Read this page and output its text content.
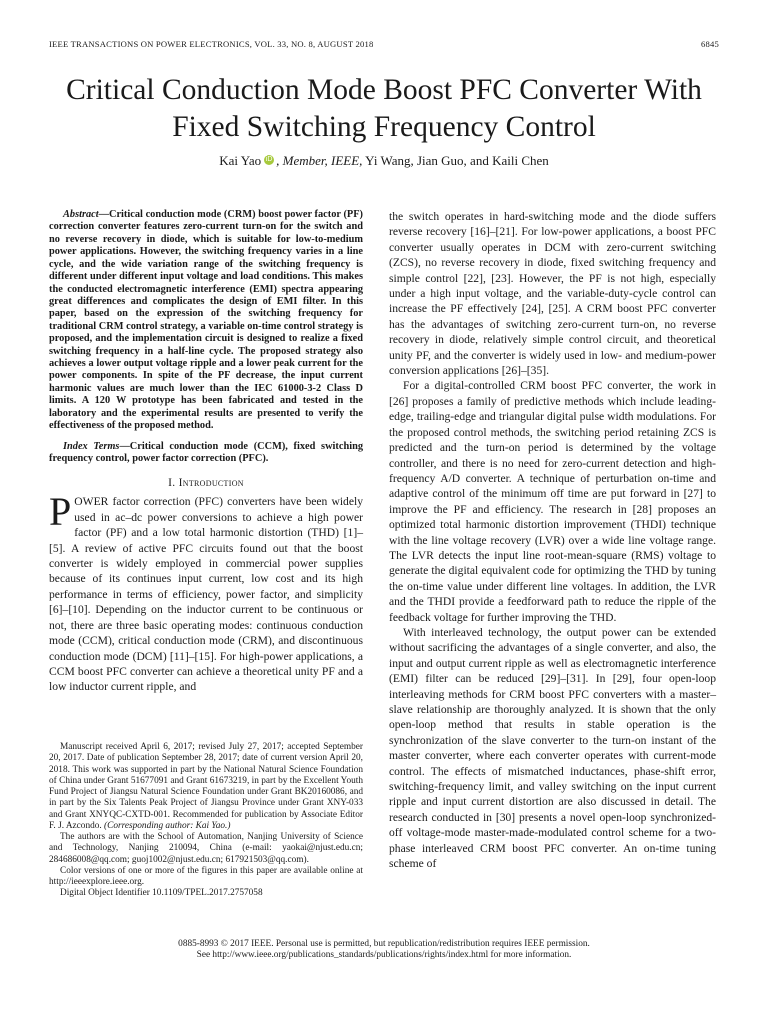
IEEE TRANSACTIONS ON POWER ELECTRONICS, VOL. 33, NO. 8, AUGUST 2018	6845
Critical Conduction Mode Boost PFC Converter With
Fixed Switching Frequency Control
Kai Yao iD , Member, IEEE, Yi Wang, Jian Guo, and Kaili Chen

Abstract—Critical conduction mode (CRM) boost power factor (PF) correction converter features zero-current turn-on for the switch and no reverse recovery in diode, which is suitable for low-to-medium power applications. However, the switching frequency varies in a line cycle, and the wide variation range of the switching frequency is different under different input voltage and load conditions. This makes the conducted electromagnetic interference (EMI) spectra appearing great differences and complicates the design of EMI filter. In this paper, based on the expression of the switching frequency for traditional CRM control strategy, a variable on-time control strategy is proposed, and the implementation circuit is designed to realize a fixed switching frequency in a half-line cycle. The proposed strategy also achieves a lower output voltage ripple and a lower peak current for the power components. In spite of the PF decrease, the input current harmonic values are much lower than the IEC 61000-3-2 Class D limits. A 120 W prototype has been fabricated and tested in the laboratory and the experimental results are presented to verify the effectiveness of the proposed method.

Index Terms—Critical conduction mode (CCM), fixed switching frequency control, power factor correction (PFC).

I. Introduction

POWER factor correction (PFC) converters have been widely used in ac–dc power conversions to achieve a high power factor (PF) and a low total harmonic distortion (THD) [1]–[5]. A review of active PFC circuits found out that the boost converter is widely employed in commercial power supplies because of its continues input current, low cost and its high performance in terms of efficiency, power factor, and simplicity [6]–[10]. Depending on the inductor current to be continuous or not, there are three basic operating modes: continuous conduction mode (CCM), critical conduction mode (CRM), and discontinuous conduction mode (DCM) [11]–[15]. For high-power applications, a CCM boost PFC converter can achieve a theoretical unity PF and a low inductor current ripple, and

Manuscript received April 6, 2017; revised July 27, 2017; accepted September 20, 2017. Date of publication September 28, 2017; date of current version April 20, 2018. This work was supported in part by the National Natural Science Foundation of China under Grant 51677091 and Grant 61673219, in part by the Excellent Youth Fund Project of Jiangsu Natural Science Foundation under Grant BK20160086, and in part by the Six Talents Peak Project of Jiangsu Province under Grant XNY-033 and Grant XNYQC-CXTD-001. Recommended for publication by Associate Editor F. J. Azcondo. (Corresponding author: Kai Yao.)

The authors are with the School of Automation, Nanjing University of Science and Technology, Nanjing 210094, China (e-mail: yaokai@njust.edu.cn; 284686008@qq.com; guoj1002@njust.edu.cn; 617921503@qq.com).

Color versions of one or more of the figures in this paper are available online at http://ieeexplore.ieee.org.

Digital Object Identifier 10.1109/TPEL.2017.2757058

the switch operates in hard-switching mode and the diode suffers reverse recovery [16]–[21]. For low-power applications, a boost PFC converter usually operates in DCM with zero-current switching (ZCS), no reverse recovery in diode, fixed switching frequency and simple control [22], [23]. However, the PF is not high, especially under a high input voltage, and the variable-duty-cycle control can increase the PF effectively [24], [25]. A CRM boost PFC converter has the advantages of switching zero-current turn-on, no reverse recovery in diode, relatively simple control circuit, and theoretical unity PF, and the converter is widely used in low- and medium-power conversion applications [26]–[35].

For a digital-controlled CRM boost PFC converter, the work in [26] proposes a family of predictive methods which include leading-edge, trailing-edge and triangular digital pulse width modulations. For the proposed control methods, the switching period retaining ZCS is predicted and the turn-on period is determined by the voltage controller, and there is no need for zero-current detection and high-frequency A/D converter. A technique of perturbation on-time and adaptive control of the minimum off time are put forward in [27] to improve the PF and efficiency. The research in [28] proposes an optimized total harmonic distortion improvement (THDI) technique with the line voltage recovery (LVR) over a wide line voltage range. The LVR detects the input line root-mean-square (RMS) voltage to generate the digital equivalent code for optimizing the THD by tuning the on-time value under different line voltages. In addition, the LVR and the THDI provide a feedforward path to reduce the ripple of the feedback voltage for further improving the THD.

With interleaved technology, the output power can be extended without sacrificing the advantages of a single converter, and also, the input and output current ripple as well as electromagnetic interference (EMI) filter can be reduced [29]–[31]. In [29], four open-loop interleaving methods for CRM boost PFC converters with a master–slave relationship are thoroughly analyzed. It is shown that the only open-loop method that results in stable operation is the synchronization of the slave converter to the turn-on instant of the master converter, where each converter operates with current-mode control. The effects of mismatched inductances, phase-shift error, switching-frequency limit, and valley switching on the input current ripple and input current distortion are also discussed in detail. The research conducted in [30] presents a novel open-loop synchronized-off voltage-mode master-made-modulated control scheme for a two-phase interleaved CRM boost PFC converter. An on-time tuning scheme of

0885-8993 © 2017 IEEE. Personal use is permitted, but republication/redistribution requires IEEE permission.
See http://www.ieee.org/publications_standards/publications/rights/index.html for more information.
